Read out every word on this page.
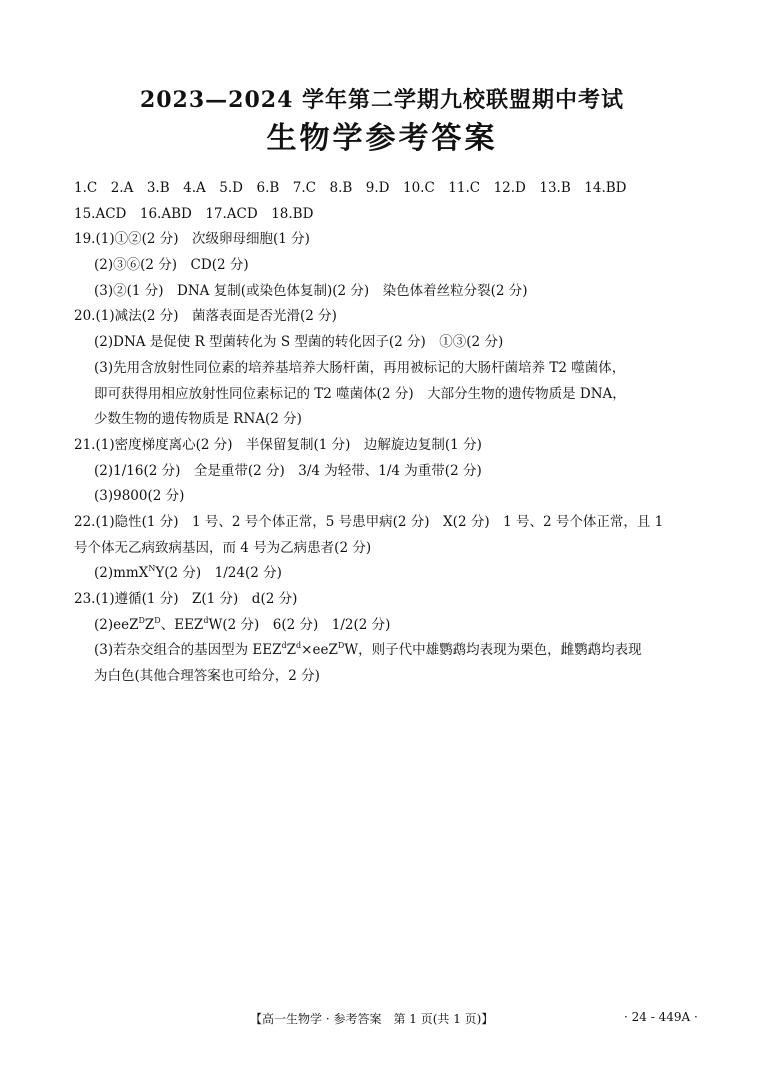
2023—2024 学年第二学期九校联盟期中考试
生物学参考答案
1.C　2.A　3.B　4.A　5.D　6.B　7.C　8.B　9.D　10.C　11.C　12.D　13.B　14.BD
15.ACD　16.ABD　17.ACD　18.BD
19.(1)①②(2 分)　次级卵母细胞(1 分)
(2)③⑥(2 分)　CD(2 分)
(3)②(1 分)　DNA 复制(或染色体复制)(2 分)　染色体着丝粒分裂(2 分)
20.(1)减法(2 分)　菌落表面是否光滑(2 分)
(2)DNA 是促使 R 型菌转化为 S 型菌的转化因子(2 分)　①③(2 分)
(3)先用含放射性同位素的培养基培养大肠杆菌，再用被标记的大肠杆菌培养 T2 噬菌体，
即可获得用相应放射性同位素标记的 T2 噬菌体(2 分)　大部分生物的遗传物质是 DNA，
少数生物的遗传物质是 RNA(2 分)
21.(1)密度梯度离心(2 分)　半保留复制(1 分)　边解旋边复制(1 分)
(2)1/16(2 分)　全是重带(2 分)　3/4 为轻带、1/4 为重带(2 分)
(3)9800(2 分)
22.(1)隐性(1 分)　1 号、2 号个体正常，5 号患甲病(2 分)　X(2 分)　1 号、2 号个体正常，且 1
号个体无乙病致病基因，而 4 号为乙病患者(2 分)
(2)mmX$^N$Y(2 分)　1/24(2 分)
23.(1)遵循(1 分)　Z(1 分)　d(2 分)
$(2)eeZ^DZ^D$、EEZ$^d$W(2 分)　6(2 分)　1/2(2 分)
(3)若杂交组合的基因型为 $EEZ^dZ^d\times eeZ^DW$，则子代中雄鹦鹉均表现为栗色，雌鹦鹉均表现
为白色(其他合理答案也可给分，2 分)
【高一生物学 · 参考答案　第 1 页(共 1 页)】	· 24 - 449A ·
